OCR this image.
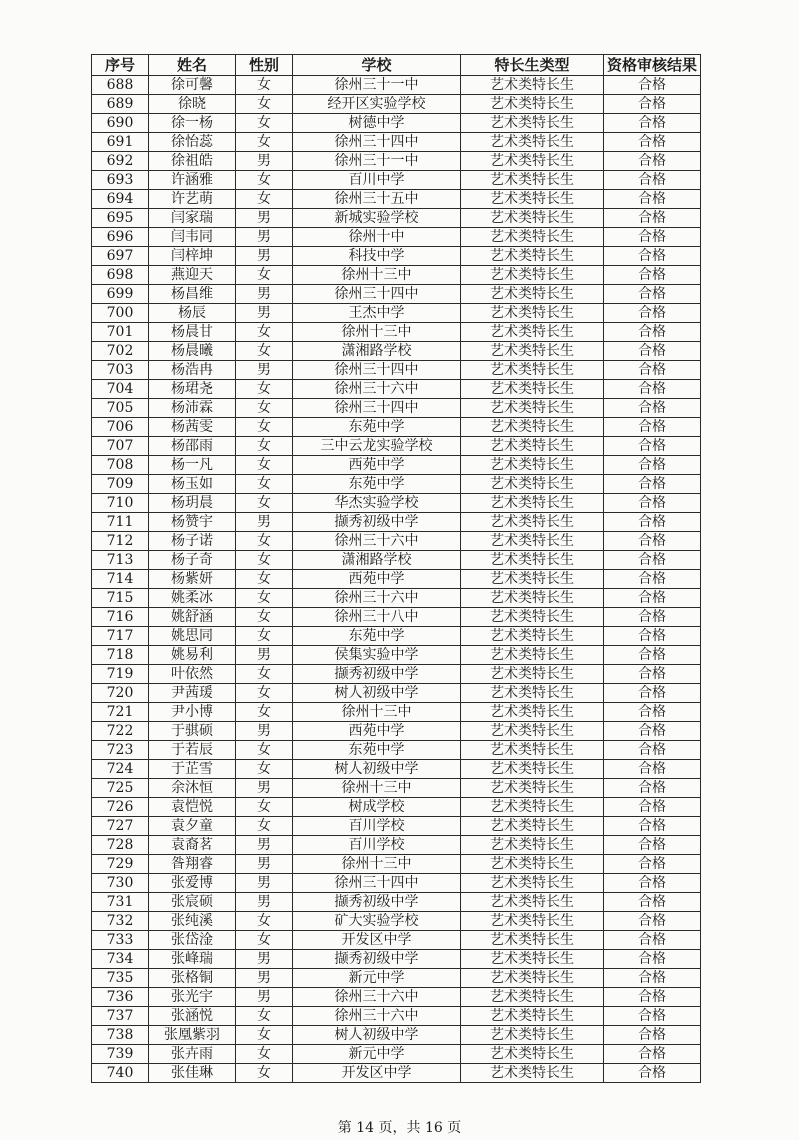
序号	姓名	性别	学校	特长生类型	资格审核结果
688	徐可馨	女	徐州三十一中	艺术类特长生	合格
689	徐晓	女	经开区实验学校	艺术类特长生	合格
690	徐一杨	女	树德中学	艺术类特长生	合格
691	徐怡蕊	女	徐州三十四中	艺术类特长生	合格
692	徐祖皓	男	徐州三十一中	艺术类特长生	合格
693	许涵雅	女	百川中学	艺术类特长生	合格
694	许艺萌	女	徐州三十五中	艺术类特长生	合格
695	闫家瑞	男	新城实验学校	艺术类特长生	合格
696	闫韦同	男	徐州十中	艺术类特长生	合格
697	闫梓坤	男	科技中学	艺术类特长生	合格
698	燕迎天	女	徐州十三中	艺术类特长生	合格
699	杨昌维	男	徐州三十四中	艺术类特长生	合格
700	杨辰	男	王杰中学	艺术类特长生	合格
701	杨晨甘	女	徐州十三中	艺术类特长生	合格
702	杨晨曦	女	潇湘路学校	艺术类特长生	合格
703	杨浩冉	男	徐州三十四中	艺术类特长生	合格
704	杨珺尧	女	徐州三十六中	艺术类特长生	合格
705	杨沛霖	女	徐州三十四中	艺术类特长生	合格
706	杨茜雯	女	东苑中学	艺术类特长生	合格
707	杨邵雨	女	三中云龙实验学校	艺术类特长生	合格
708	杨一凡	女	西苑中学	艺术类特长生	合格
709	杨玉如	女	东苑中学	艺术类特长生	合格
710	杨玥晨	女	华杰实验学校	艺术类特长生	合格
711	杨赞宇	男	撷秀初级中学	艺术类特长生	合格
712	杨子诺	女	徐州三十六中	艺术类特长生	合格
713	杨子奇	女	潇湘路学校	艺术类特长生	合格
714	杨紫妍	女	西苑中学	艺术类特长生	合格
715	姚柔冰	女	徐州三十六中	艺术类特长生	合格
716	姚舒涵	女	徐州三十八中	艺术类特长生	合格
717	姚思同	女	东苑中学	艺术类特长生	合格
718	姚易利	男	侯集实验中学	艺术类特长生	合格
719	叶依然	女	撷秀初级中学	艺术类特长生	合格
720	尹茜瑗	女	树人初级中学	艺术类特长生	合格
721	尹小博	女	徐州十三中	艺术类特长生	合格
722	于骐硕	男	西苑中学	艺术类特长生	合格
723	于若辰	女	东苑中学	艺术类特长生	合格
724	于芷雪	女	树人初级中学	艺术类特长生	合格
725	余沐恒	男	徐州十三中	艺术类特长生	合格
726	袁恺悦	女	树成学校	艺术类特长生	合格
727	袁夕童	女	百川学校	艺术类特长生	合格
728	袁裔茗	男	百川学校	艺术类特长生	合格
729	昝翔睿	男	徐州十三中	艺术类特长生	合格
730	张爱博	男	徐州三十四中	艺术类特长生	合格
731	张宸硕	男	撷秀初级中学	艺术类特长生	合格
732	张纯溪	女	矿大实验学校	艺术类特长生	合格
733	张岱淦	女	开发区中学	艺术类特长生	合格
734	张峰瑞	男	撷秀初级中学	艺术类特长生	合格
735	张格铜	男	新元中学	艺术类特长生	合格
736	张光宇	男	徐州三十六中	艺术类特长生	合格
737	张涵悦	女	徐州三十六中	艺术类特长生	合格
738	张凰紫羽	女	树人初级中学	艺术类特长生	合格
739	张卉雨	女	新元中学	艺术类特长生	合格
740	张佳琳	女	开发区中学	艺术类特长生	合格
第 14 页，共 16 页
